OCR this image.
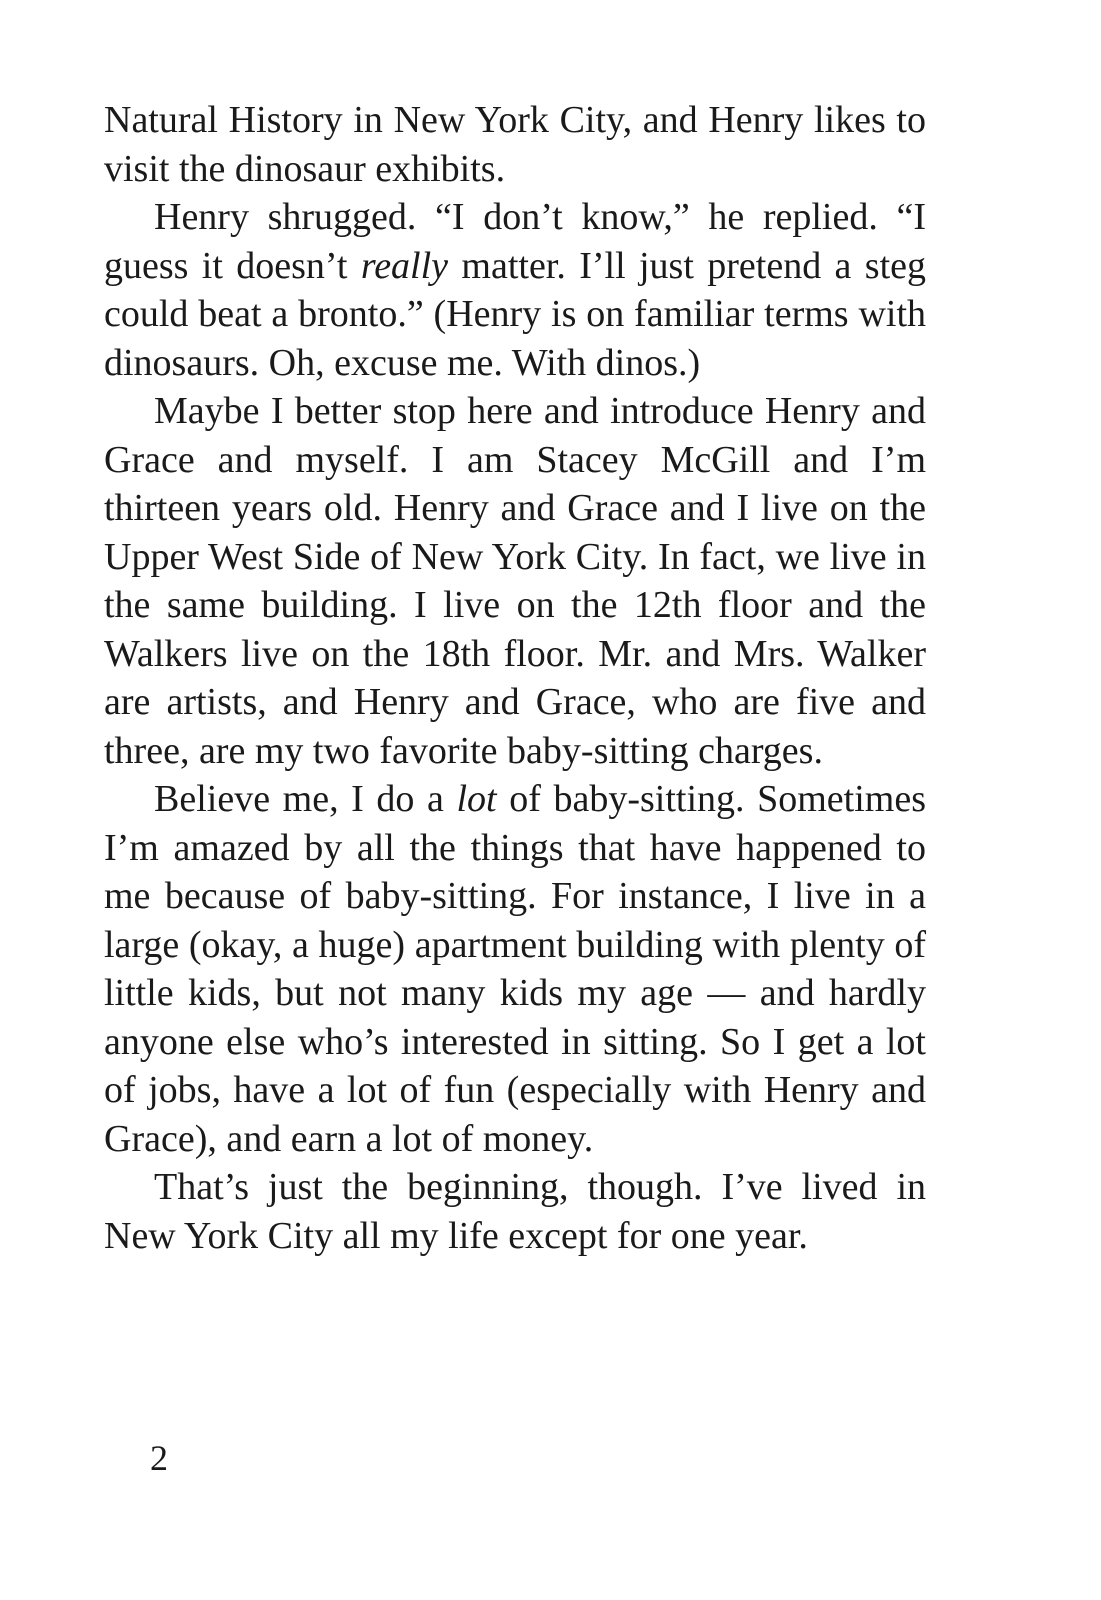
Natural History in New York City, and Henry likes to visit the dinosaur exhibits.

Henry shrugged. “I don’t know,” he replied. “I guess it doesn’t really matter. I’ll just pretend a steg could beat a bronto.” (Henry is on familiar terms with dinosaurs. Oh, excuse me. With dinos.)

Maybe I better stop here and introduce Henry and Grace and myself. I am Stacey McGill and I’m thirteen years old. Henry and Grace and I live on the Upper West Side of New York City. In fact, we live in the same building. I live on the 12th floor and the Walkers live on the 18th floor. Mr. and Mrs. Walker are artists, and Henry and Grace, who are five and three, are my two favorite baby-sitting charges.

Believe me, I do a lot of baby-sitting. Sometimes I’m amazed by all the things that have happened to me because of baby-sitting. For instance, I live in a large (okay, a huge) apartment building with plenty of little kids, but not many kids my age — and hardly anyone else who’s interested in sitting. So I get a lot of jobs, have a lot of fun (especially with Henry and Grace), and earn a lot of money.

That’s just the beginning, though. I’ve lived in New York City all my life except for one year.

2
